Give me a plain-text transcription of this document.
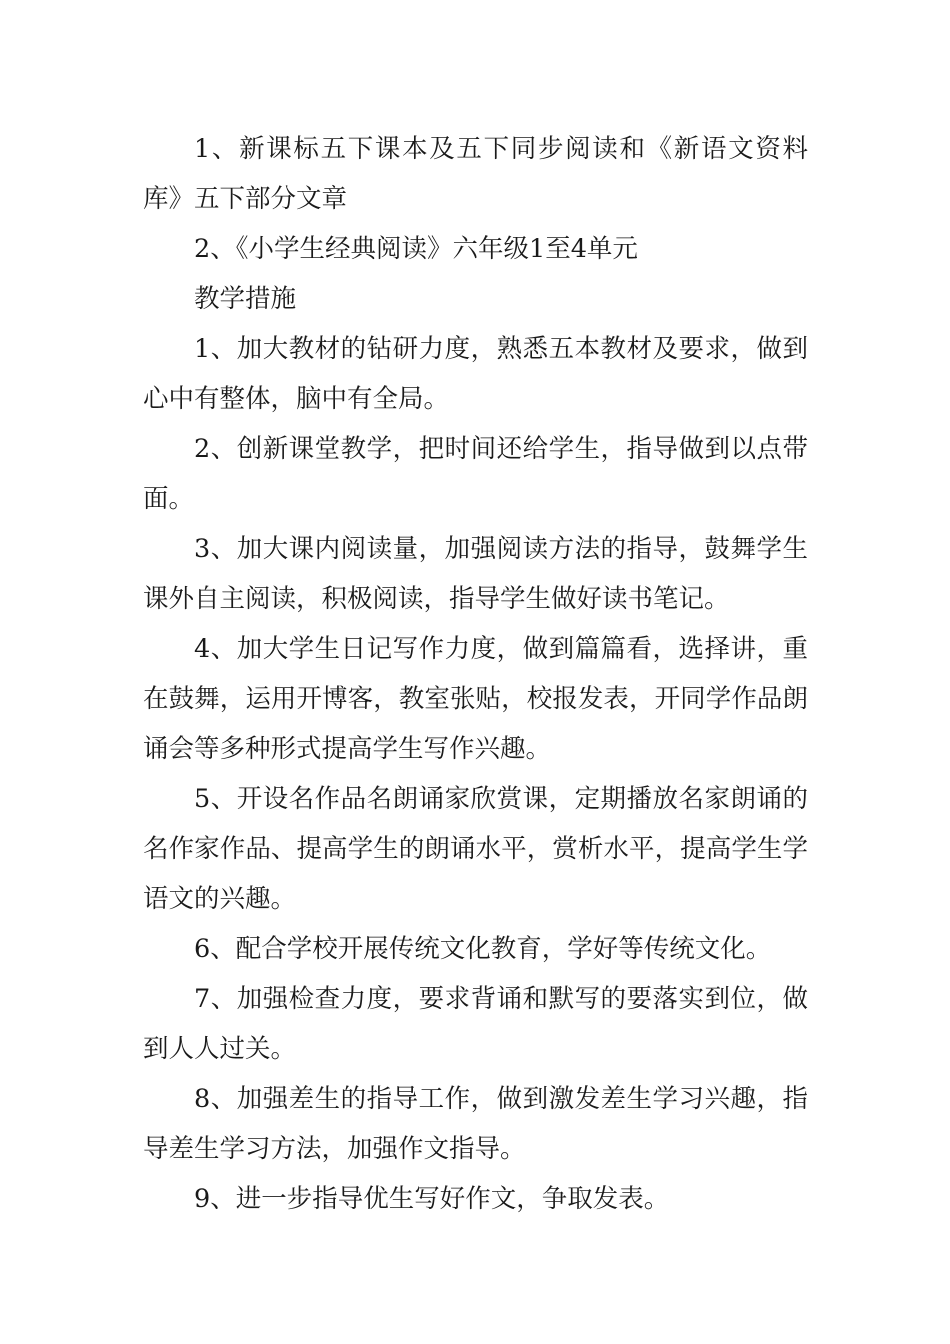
1、新课标五下课本及五下同步阅读和《新语文资料库》五下部分文章

2、《小学生经典阅读》六年级1至4单元

教学措施

1、加大教材的钻研力度，熟悉五本教材及要求，做到心中有整体，脑中有全局。

2、创新课堂教学，把时间还给学生，指导做到以点带面。

3、加大课内阅读量，加强阅读方法的指导，鼓舞学生课外自主阅读，积极阅读，指导学生做好读书笔记。

4、加大学生日记写作力度，做到篇篇看，选择讲，重在鼓舞，运用开博客，教室张贴，校报发表，开同学作品朗诵会等多种形式提高学生写作兴趣。

5、开设名作品名朗诵家欣赏课，定期播放名家朗诵的名作家作品、提高学生的朗诵水平，赏析水平，提高学生学语文的兴趣。

6、配合学校开展传统文化教育，学好等传统文化。

7、加强检查力度，要求背诵和默写的要落实到位，做到人人过关。

8、加强差生的指导工作，做到激发差生学习兴趣，指导差生学习方法，加强作文指导。

9、进一步指导优生写好作文，争取发表。
